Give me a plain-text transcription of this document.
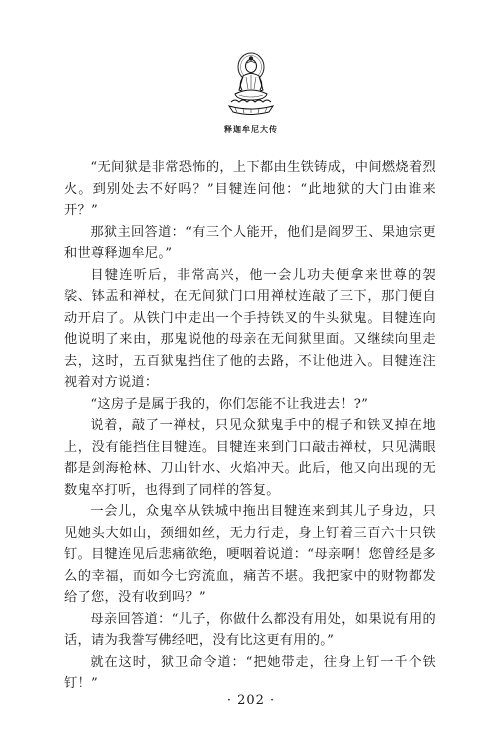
释迦牟尼大传

“无间狱是非常恐怖的，上下都由生铁铸成，中间燃烧着烈火。到别处去不好吗？”目犍连问他：“此地狱的大门由谁来开？”

那狱主回答道：“有三个人能开，他们是阎罗王、果迪宗更和世尊释迦牟尼。”

目犍连听后，非常高兴，他一会儿功夫便拿来世尊的袈裟、钵盂和禅杖，在无间狱门口用禅杖连敲了三下，那门便自动开启了。从铁门中走出一个手持铁叉的牛头狱鬼。目犍连向他说明了来由，那鬼说他的母亲在无间狱里面。又继续向里走去，这时，五百狱鬼挡住了他的去路，不让他进入。目犍连注视着对方说道：

“这房子是属于我的，你们怎能不让我进去！?”

说着，敲了一禅杖，只见众狱鬼手中的棍子和铁叉掉在地上，没有能挡住目犍连。目犍连来到门口敲击禅杖，只见满眼都是剑海枪林、刀山针水、火焰冲天。此后，他又向出现的无数鬼卒打听，也得到了同样的答复。

一会儿，众鬼卒从铁城中拖出目犍连来到其儿子身边，只见她头大如山，颈细如丝，无力行走，身上钉着三百六十只铁钉。目犍连见后悲痛欲绝，哽咽着说道：“母亲啊！您曾经是多么的幸福，而如今七窍流血，痛苦不堪。我把家中的财物都发给了您，没有收到吗？”

母亲回答道：“儿子，你做什么都没有用处，如果说有用的话，请为我誊写佛经吧，没有比这更有用的。”

就在这时，狱卫命令道：“把她带走，往身上钉一千个铁钉！”

· 202 ·
